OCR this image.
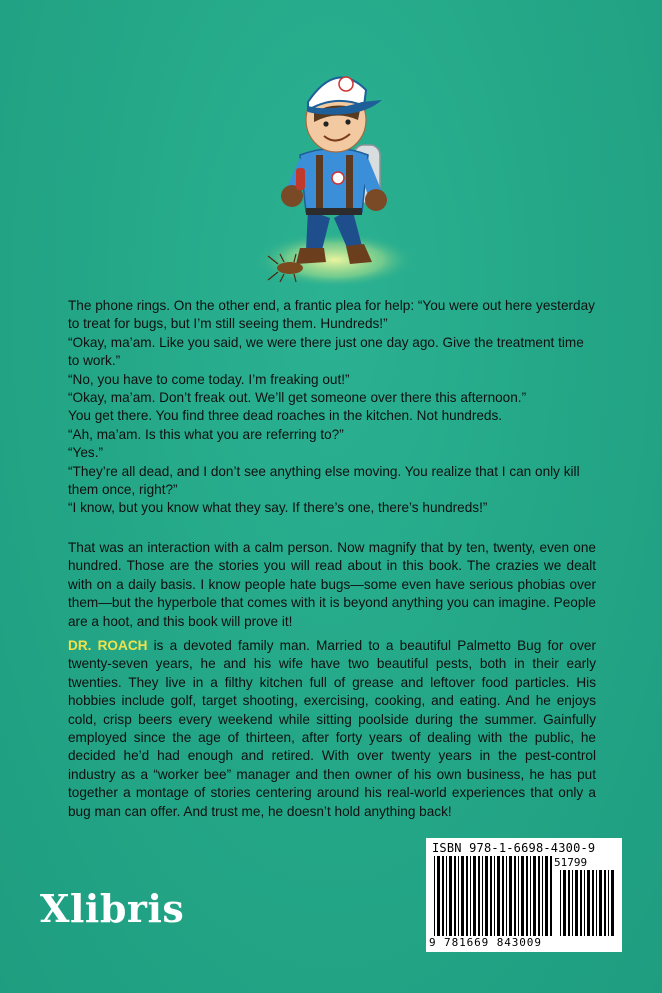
The phone rings. On the other end, a frantic plea for help: “You were out here yesterday to treat for bugs, but I’m still seeing them. Hundreds!”

“Okay, ma’am. Like you said, we were there just one day ago. Give the treatment time to work.”

“No, you have to come today. I’m freaking out!”

“Okay, ma’am. Don’t freak out. We’ll get someone over there this afternoon.”

You get there. You find three dead roaches in the kitchen. Not hundreds.

“Ah, ma’am. Is this what you are referring to?”

“Yes.”

“They’re all dead, and I don’t see anything else moving. You realize that I can only kill them once, right?”

“I know, but you know what they say. If there’s one, there’s hundreds!”

That was an interaction with a calm person. Now magnify that by ten, twenty, even one hundred. Those are the stories you will read about in this book. The crazies we dealt with on a daily basis. I know people hate bugs—some even have serious phobias over them—but the hyperbole that comes with it is beyond anything you can imagine. People are a hoot, and this book will prove it!

DR. ROACH is a devoted family man. Married to a beautiful Palmetto Bug for over twenty-seven years, he and his wife have two beautiful pests, both in their early twenties. They live in a filthy kitchen full of grease and leftover food particles. His hobbies include golf, target shooting, exercising, cooking, and eating. And he enjoys cold, crisp beers every weekend while sitting poolside during the summer. Gainfully employed since the age of thirteen, after forty years of dealing with the public, he decided he’d had enough and retired. With over twenty years in the pest-control industry as a “worker bee” manager and then owner of his own business, he has put together a montage of stories centering around his real-world experiences that only a bug man can offer. And trust me, he doesn’t hold anything back!

Xlibris
ISBN 978-1-6698-4300-9
51799
9 781669 843009
